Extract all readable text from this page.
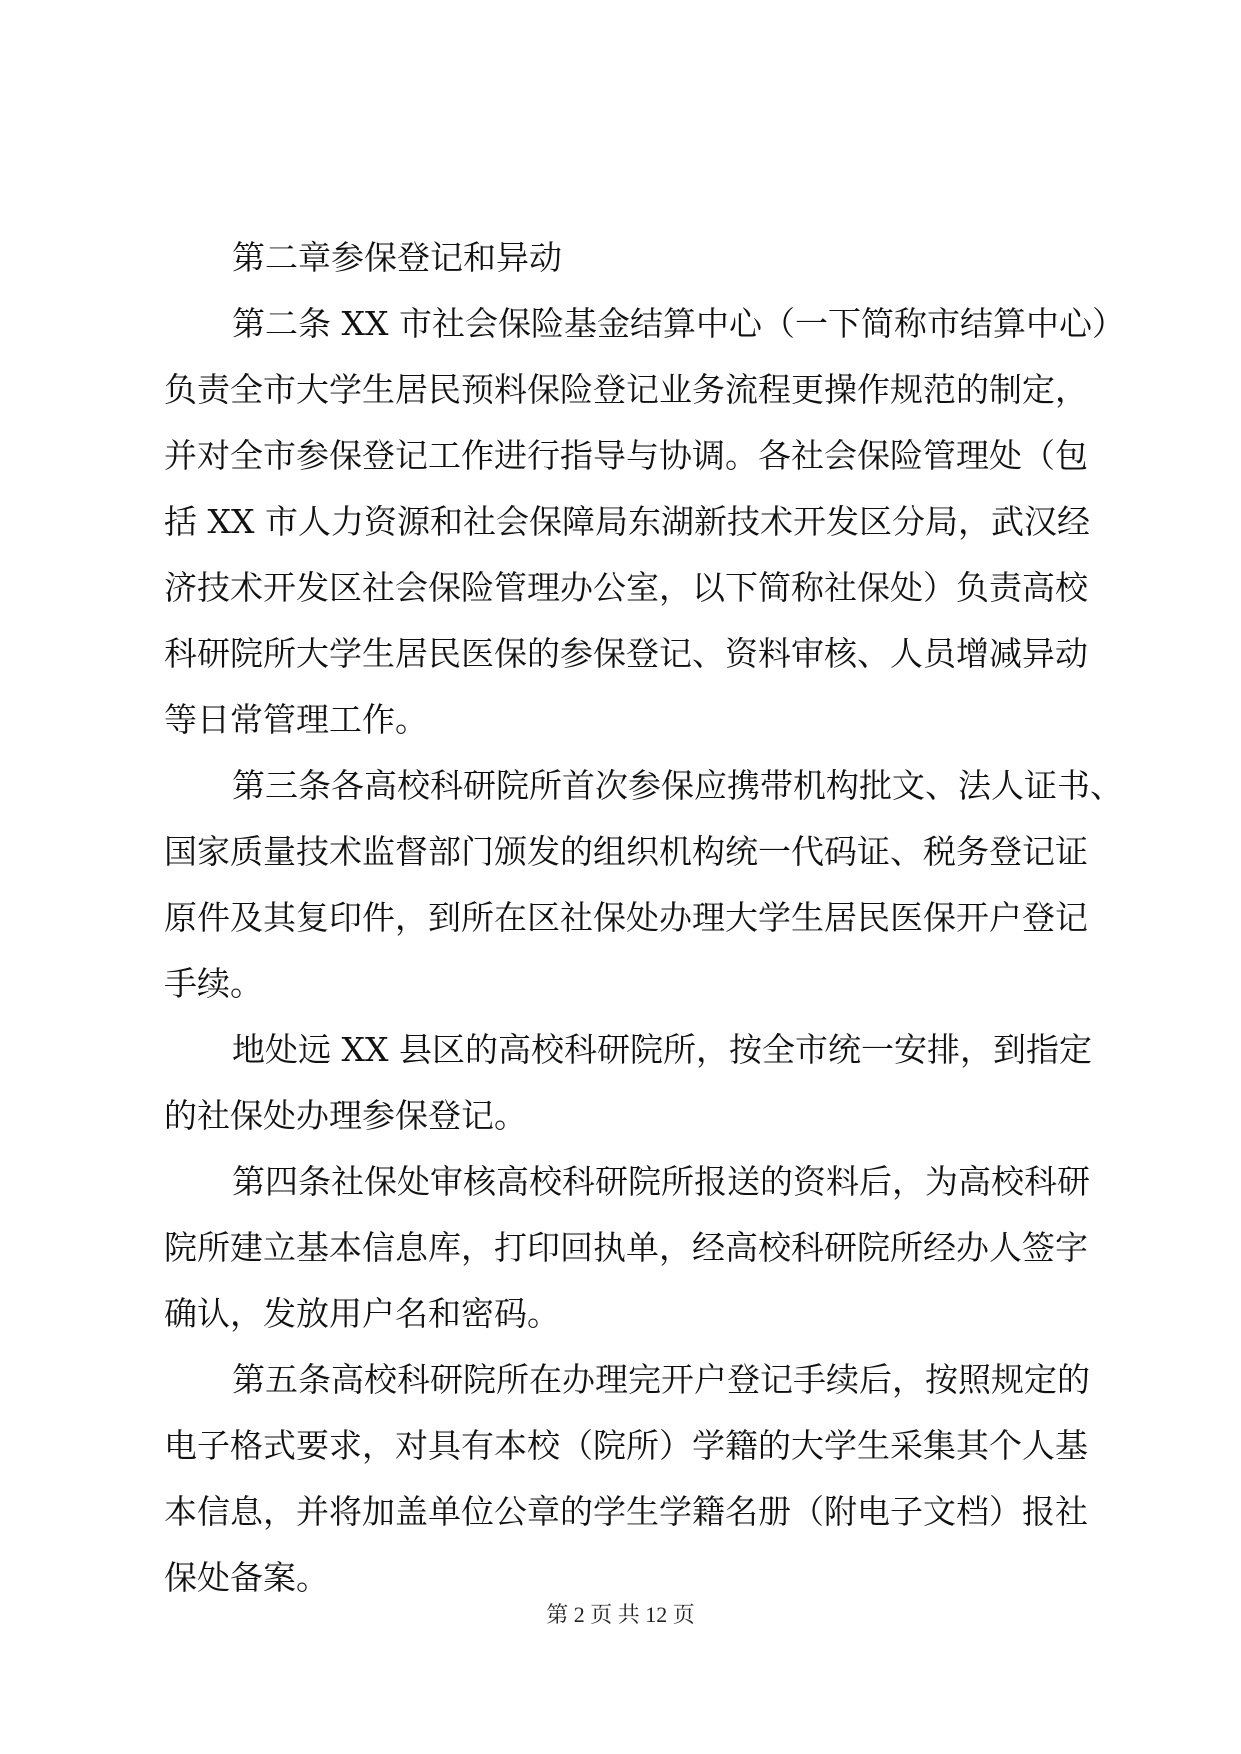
第二章参保登记和异动
第二条 XX 市社会保险基金结算中心（一下简称市结算中心）
负责全市大学生居民预料保险登记业务流程更操作规范的制定，
并对全市参保登记工作进行指导与协调。各社会保险管理处（包
括 XX 市人力资源和社会保障局东湖新技术开发区分局，武汉经
济技术开发区社会保险管理办公室，以下简称社保处）负责高校
科研院所大学生居民医保的参保登记、资料审核、人员增减异动
等日常管理工作。
第三条各高校科研院所首次参保应携带机构批文、法人证书、
国家质量技术监督部门颁发的组织机构统一代码证、税务登记证
原件及其复印件，到所在区社保处办理大学生居民医保开户登记
手续。
地处远 XX 县区的高校科研院所，按全市统一安排，到指定
的社保处办理参保登记。
第四条社保处审核高校科研院所报送的资料后，为高校科研
院所建立基本信息库，打印回执单，经高校科研院所经办人签字
确认，发放用户名和密码。
第五条高校科研院所在办理完开户登记手续后，按照规定的
电子格式要求，对具有本校（院所）学籍的大学生采集其个人基
本信息，并将加盖单位公章的学生学籍名册（附电子文档）报社
保处备案。
第 2 页 共 12 页
